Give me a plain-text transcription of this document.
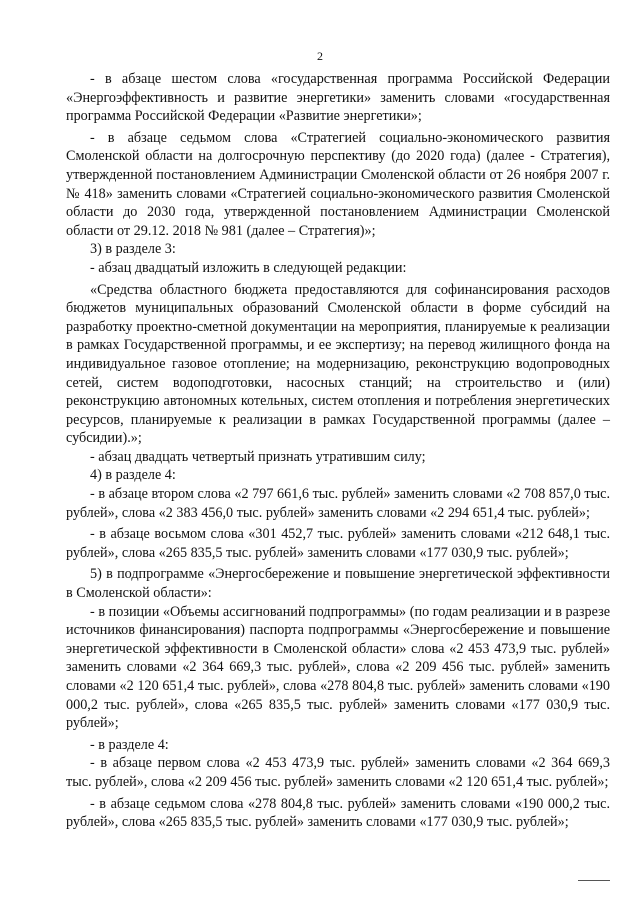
2

- в абзаце шестом слова «государственная программа Российской Федерации «Энергоэффективность и развитие энергетики» заменить словами «государственная программа Российской Федерации «Развитие энергетики»;

- в абзаце седьмом слова «Стратегией социально-экономического развития Смоленской области на долгосрочную перспективу (до 2020 года) (далее - Стратегия), утвержденной постановлением Администрации Смоленской области от 26 ноября 2007 г. № 418» заменить словами «Стратегией социально-экономического развития Смоленской области до 2030 года, утвержденной постановлением Администрации Смоленской области от 29.12. 2018 № 981 (далее – Стратегия)»;

3) в разделе 3:

- абзац двадцатый изложить в следующей редакции:

«Средства областного бюджета предоставляются для софинансирования расходов бюджетов муниципальных образований Смоленской области в форме субсидий на разработку проектно-сметной документации на мероприятия, планируемые к реализации в рамках Государственной программы, и ее экспертизу; на перевод жилищного фонда на индивидуальное газовое отопление; на модернизацию, реконструкцию водопроводных сетей, систем водоподготовки, насосных станций; на строительство и (или) реконструкцию автономных котельных, систем отопления и потребления энергетических ресурсов, планируемые к реализации в рамках Государственной программы (далее – субсидии).»;

- абзац двадцать четвертый признать утратившим силу;

4) в разделе 4:

- в абзаце втором слова «2 797 661,6 тыс. рублей» заменить словами «2 708 857,0 тыс. рублей», слова «2 383 456,0 тыс. рублей» заменить словами «2 294 651,4 тыс. рублей»;

- в абзаце восьмом слова «301 452,7 тыс. рублей» заменить словами «212 648,1 тыс. рублей», слова «265 835,5 тыс. рублей» заменить словами «177 030,9 тыс. рублей»;

5) в подпрограмме «Энергосбережение и повышение энергетической эффективности в Смоленской области»:

- в позиции «Объемы ассигнований подпрограммы» (по годам реализации и в разрезе источников финансирования) паспорта подпрограммы «Энергосбережение и повышение энергетической эффективности в Смоленской области» слова «2 453 473,9 тыс. рублей» заменить словами «2 364 669,3 тыс. рублей», слова «2 209 456 тыс. рублей» заменить словами «2 120 651,4 тыс. рублей», слова «278 804,8 тыс. рублей» заменить словами «190 000,2 тыс. рублей», слова «265 835,5 тыс. рублей» заменить словами «177 030,9 тыс. рублей»;

- в разделе 4:

- в абзаце первом слова «2 453 473,9 тыс. рублей» заменить словами «2 364 669,3 тыс. рублей», слова «2 209 456 тыс. рублей» заменить словами «2 120 651,4 тыс. рублей»;

- в абзаце седьмом слова «278 804,8 тыс. рублей» заменить словами «190 000,2 тыс. рублей», слова «265 835,5 тыс. рублей» заменить словами «177 030,9 тыс. рублей»;
